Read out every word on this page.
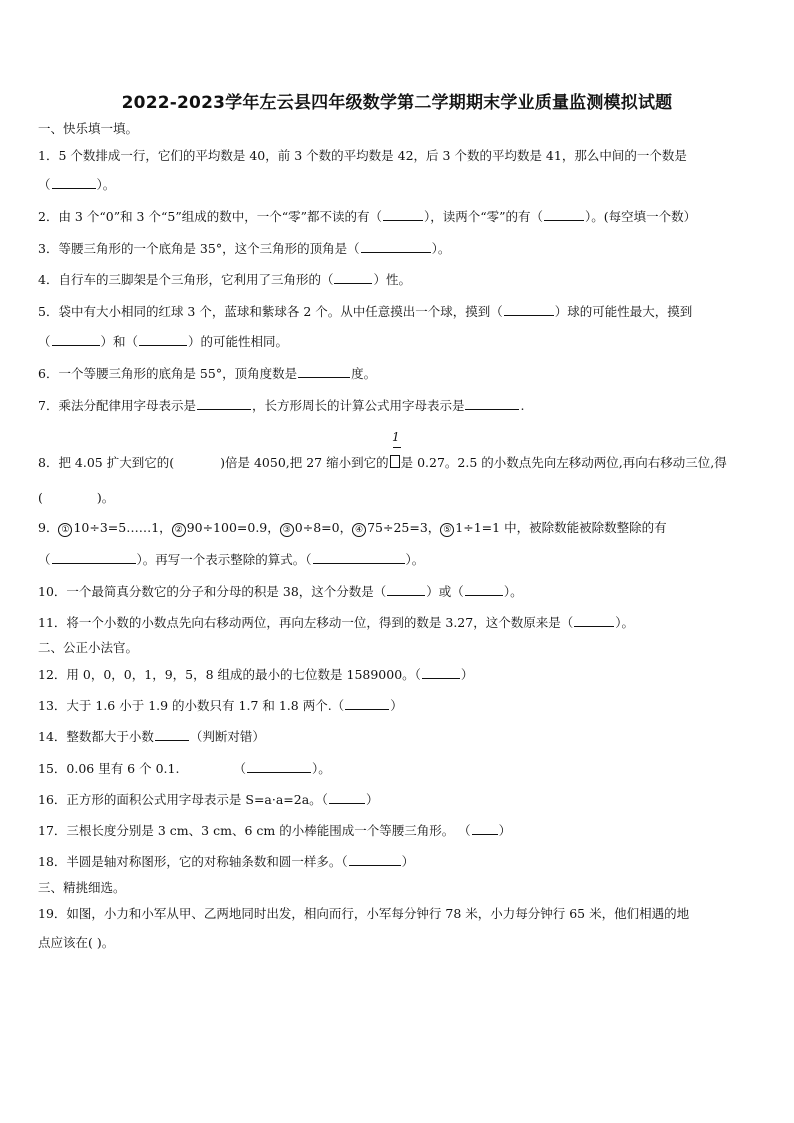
2022-2023学年左云县四年级数学第二学期期末学业质量监测模拟试题
一、快乐填一填。
1．5 个数排成一行，它们的平均数是 40，前 3 个数的平均数是 42，后 3 个数的平均数是 41，那么中间的一个数是
（	）。
2．由 3 个“0”和 3 个“5”组成的数中，一个“零”都不读的有（	），读两个“零”的有（	）。(每空填一个数）
3．等腰三角形的一个底角是 35°，这个三角形的顶角是（	）。
4．自行车的三脚架是个三角形，它利用了三角形的（	）性。
5．袋中有大小相同的红球 3 个，蓝球和紫球各 2 个。从中任意摸出一个球，摸到（	）球的可能性最大，摸到
（	）和（	）的可能性相同。
6．一个等腰三角形的底角是 55°，顶角度数是	度。
7．乘法分配律用字母表示是	，长方形周长的计算公式用字母表示是	.
1
8．把 4.05 扩大到它的(	)倍是 4050,把 27 缩小到它的 是 0.27。2.5 的小数点先向左移动两位,再向右移动三位,得
(	)。
9． ① 10÷3=5……1， ② 90÷100=0.9， ③ 0÷8=0， ④ 75÷25=3， ⑤ 1÷1=1 中，被除数能被除数整除的有
（	）。再写一个表示整除的算式。（	）。
10．一个最简真分数它的分子和分母的积是 38，这个分数是（	）或（	）。
11．将一个小数的小数点先向右移动两位，再向左移动一位，得到的数是 3.27，这个数原来是（	）。
二、公正小法官。
12．用 0，0，0，1，9，5，8 组成的最小的七位数是 1589000。（	）
13．大于 1.6 小于 1.9 的小数只有 1.7 和 1.8 两个.（	）
14．整数都大于小数	（判断对错）
15．0.06 里有 6 个 0.1.	（	）。
16．正方形的面积公式用字母表示是 S=a·a=2a。（	）
17．三根长度分别是 3 cm、3 cm、6 cm 的小棒能围成一个等腰三角形。 （ ）
18．半圆是轴对称图形，它的对称轴条数和圆一样多。（	）
三、精挑细选。
19．如图，小力和小军从甲、乙两地同时出发，相向而行，小军每分钟行 78 米，小力每分钟行 65 米，他们相遇的地
点应该在( )。
